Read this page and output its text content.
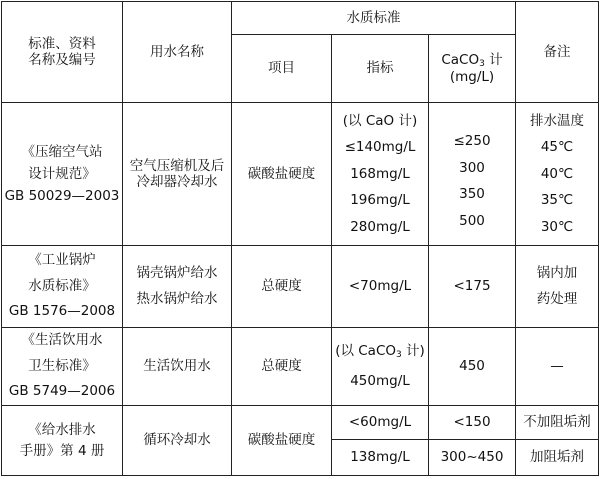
标准、资料
名称及编号	用水名称	水质标准			备注
		项目	指标	CaCO$_3$ 计
(mg/L)	

《压缩空气站
设计规范》
GB 50029—2003	空气压缩机及后
冷却器冷却水	碳酸盐硬度	(以 CaO 计)
≤140mg/L
168mg/L
196mg/L
280mg/L	≤250
300
350
500	排水温度
45℃
40℃
35℃
30℃

《工业锅炉
水质标准》
GB 1576—2008	锅壳锅炉给水
热水锅炉给水	总硬度	<70mg/L	<175	锅内加
药处理

《生活饮用水
卫生标准》
GB 5749—2006	生活饮用水	总硬度	(以 CaCO$_3$ 计)
450mg/L	450	—

《给水排水
手册》第 4 册	循环冷却水	碳酸盐硬度	<60mg/L	<150	不加阻垢剂
			138mg/L	300~450	加阻垢剂
